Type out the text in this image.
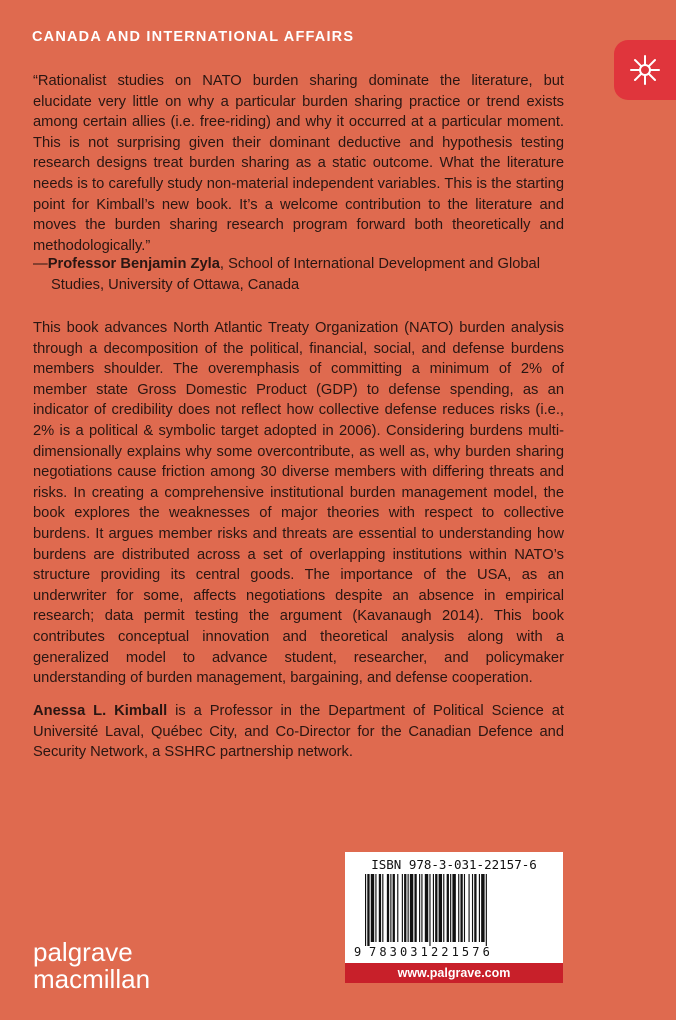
CANADA AND INTERNATIONAL AFFAIRS
“Rationalist studies on NATO burden sharing dominate the literature, but elucidate very little on why a particular burden sharing practice or trend exists among certain allies (i.e. free-riding) and why it occurred at a particular moment. This is not surprising given their dominant deductive and hypothesis testing research designs treat burden sharing as a static outcome. What the literature needs is to carefully study non-material independent variables. This is the starting point for Kimball’s new book. It’s a welcome contribution to the literature and moves the burden sharing research program forward both theoretically and methodologically.”
—Professor Benjamin Zyla, School of International Development and Global
Studies, University of Ottawa, Canada
This book advances North Atlantic Treaty Organization (NATO) burden analysis through a decomposition of the political, financial, social, and defense burdens members shoulder. The overemphasis of committing a minimum of 2% of member state Gross Domestic Product (GDP) to defense spending, as an indicator of credibility does not reflect how collective defense reduces risks (i.e., 2% is a political & symbolic target adopted in 2006). Considering burdens multi-dimensionally explains why some overcontribute, as well as, why burden sharing negotiations cause friction among 30 diverse members with differing threats and risks. In creating a comprehensive institutional burden management model, the book explores the weaknesses of major theories with respect to collective burdens. It argues member risks and threats are essential to understanding how burdens are distributed across a set of overlapping institutions within NATO’s structure providing its central goods. The importance of the USA, as an underwriter for some, affects negotiations despite an absence in empirical research; data permit testing the argument (Kavanaugh 2014). This book contributes conceptual innovation and theoretical analysis along with a generalized model to advance student, researcher, and policymaker understanding of burden management, bargaining, and defense cooperation.
Anessa L. Kimball is a Professor in the Department of Political Science at Université Laval, Québec City, and Co-Director for the Canadian Defence and Security Network, a SSHRC partnership network.
ISBN 978-3-031-22157-6
9 783031221576
www.palgrave.com
palgrave
macmillan
